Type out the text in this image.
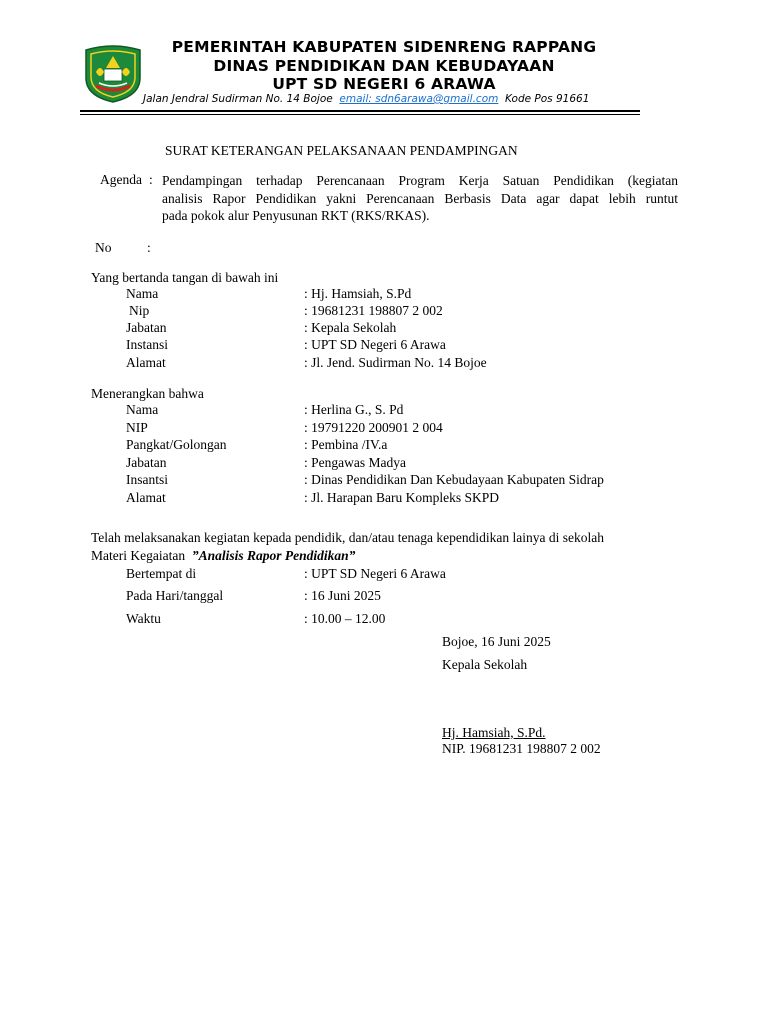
PEMERINTAH KABUPATEN SIDENRENG RAPPANG
DINAS PENDIDIKAN DAN KEBUDAYAAN
UPT SD NEGERI 6 ARAWA
Jalan Jendral Sudirman No. 14 Bojoe email: sdn6arawa@gmail.com Kode Pos 91661
SURAT KETERANGAN PELAKSANAAN PENDAMPINGAN
Agenda : Pendampingan terhadap Perencanaan Program Kerja Satuan Pendidikan (kegiatan
analisis Rapor Pendidikan yakni Perencanaan Berbasis Data agar dapat lebih runtut
pada pokok alur Penyusunan RKT (RKS/RKAS).
No	:
Yang bertanda tangan di bawah ini
Nama	: Hj. Hamsiah, S.Pd
Nip	: 19681231 198807 2 002
Jabatan	: Kepala Sekolah
Instansi	: UPT SD Negeri 6 Arawa
Alamat	: Jl. Jend. Sudirman No. 14 Bojoe
Menerangkan bahwa
Nama	: Herlina G., S. Pd
NIP	: 19791220 200901 2 004
Pangkat/Golongan	: Pembina /IV.a
Jabatan	: Pengawas Madya
Insantsi	: Dinas Pendidikan Dan Kebudayaan Kabupaten Sidrap
Alamat	: Jl. Harapan Baru Kompleks SKPD
Telah melaksanakan kegiatan kepada pendidik, dan/atau tenaga kependidikan lainya di sekolah
Materi Kegaiatan ”Analisis Rapor Pendidikan”
Bertempat di	: UPT SD Negeri 6 Arawa
Pada Hari/tanggal	: 16 Juni 2025
Waktu	: 10.00 – 12.00
Bojoe, 16 Juni 2025
Kepala Sekolah
Hj. Hamsiah, S.Pd.
NIP. 19681231 198807 2 002
